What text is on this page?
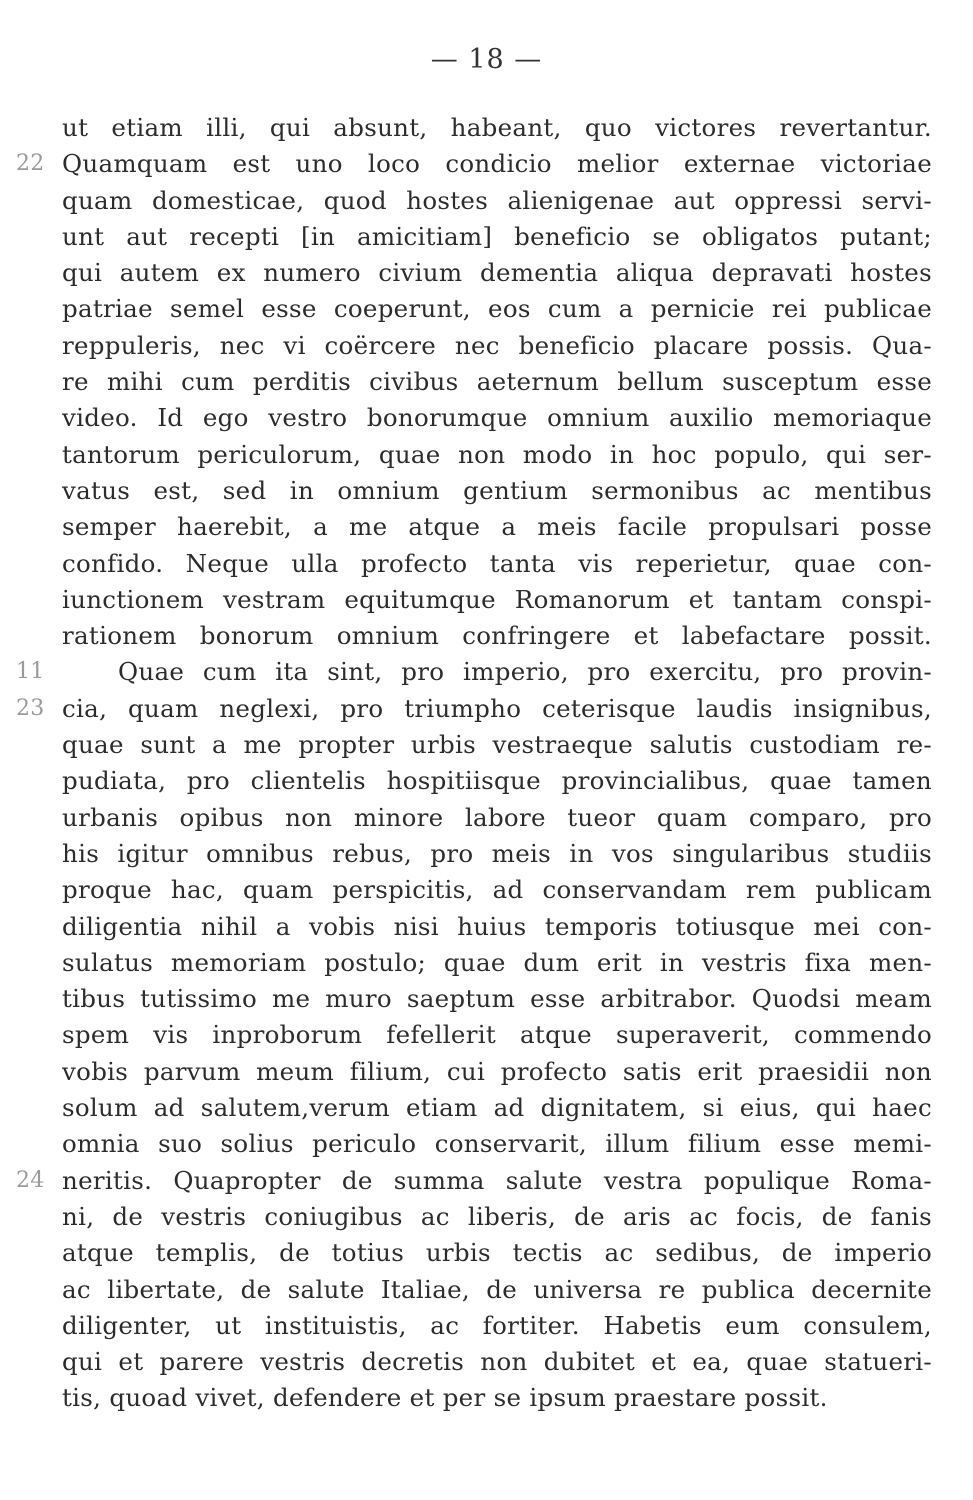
— 18 —
ut etiam illi, qui absunt, habeant, quo victores revertantur.
22 Quamquam est uno loco condicio melior externae victoriae
quam domesticae, quod hostes alienigenae aut oppressi servi-
unt aut recepti [in amicitiam] beneficio se obligatos putant;
qui autem ex numero civium dementia aliqua depravati hostes
patriae semel esse coeperunt, eos cum a pernicie rei publicae
reppuleris, nec vi coërcere nec beneficio placare possis. Qua-
re mihi cum perditis civibus aeternum bellum susceptum esse
video. Id ego vestro bonorumque omnium auxilio memoriaque
tantorum periculorum, quae non modo in hoc populo, qui ser-
vatus est, sed in omnium gentium sermonibus ac mentibus
semper haerebit, a me atque a meis facile propulsari posse
confido. Neque ulla profecto tanta vis reperietur, quae con-
iunctionem vestram equitumque Romanorum et tantam conspi-
rationem bonorum omnium confringere et labefactare possit.
11	Quae cum ita sint, pro imperio, pro exercitu, pro provin-
23 cia, quam neglexi, pro triumpho ceterisque laudis insignibus,
quae sunt a me propter urbis vestraeque salutis custodiam re-
pudiata, pro clientelis hospitiisque provincialibus, quae tamen
urbanis opibus non minore labore tueor quam comparo, pro
his igitur omnibus rebus, pro meis in vos singularibus studiis
proque hac, quam perspicitis, ad conservandam rem publicam
diligentia nihil a vobis nisi huius temporis totiusque mei con-
sulatus memoriam postulo; quae dum erit in vestris fixa men-
tibus tutissimo me muro saeptum esse arbitrabor. Quodsi meam
spem vis inproborum fefellerit atque superaverit, commendo
vobis parvum meum filium, cui profecto satis erit praesidii non
solum ad salutem,verum etiam ad dignitatem, si eius, qui haec
omnia suo solius periculo conservarit, illum filium esse memi-
24 neritis. Quapropter de summa salute vestra populique Roma-
ni, de vestris coniugibus ac liberis, de aris ac focis, de fanis
atque templis, de totius urbis tectis ac sedibus, de imperio
ac libertate, de salute Italiae, de universa re publica decernite
diligenter, ut instituistis, ac fortiter. Habetis eum consulem,
qui et parere vestris decretis non dubitet et ea, quae statueri-
tis, quoad vivet, defendere et per se ipsum praestare possit.
